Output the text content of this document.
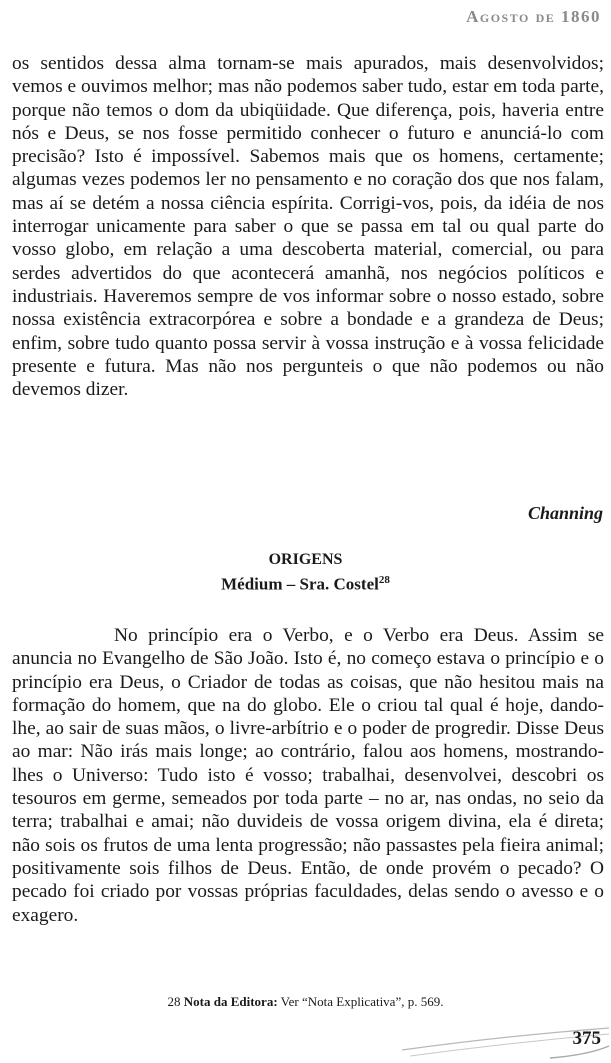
Agosto de 1860

os sentidos dessa alma tornam-se mais apurados, mais desenvolvidos; vemos e ouvimos melhor; mas não podemos saber tudo, estar em toda parte, porque não temos o dom da ubiqüidade. Que diferença, pois, haveria entre nós e Deus, se nos fosse permitido conhecer o futuro e anunciá-lo com precisão? Isto é impossível. Sabemos mais que os homens, certamente; algumas vezes podemos ler no pensamento e no coração dos que nos falam, mas aí se detém a nossa ciência espírita. Corrigi-vos, pois, da idéia de nos interrogar unicamente para saber o que se passa em tal ou qual parte do vosso globo, em relação a uma descoberta material, comercial, ou para serdes advertidos do que acontecerá amanhã, nos negócios políticos e industriais. Haveremos sempre de vos informar sobre o nosso estado, sobre nossa existência extracorpórea e sobre a bondade e a grandeza de Deus; enfim, sobre tudo quanto possa servir à vossa instrução e à vossa felicidade presente e futura. Mas não nos pergunteis o que não podemos ou não devemos dizer.

Channing

ORIGENS
Médium – Sra. Costel$^{28}$

No princípio era o Verbo, e o Verbo era Deus. Assim se anuncia no Evangelho de São João. Isto é, no começo estava o princípio e o princípio era Deus, o Criador de todas as coisas, que não hesitou mais na formação do homem, que na do globo. Ele o criou tal qual é hoje, dando-lhe, ao sair de suas mãos, o livre-arbítrio e o poder de progredir. Disse Deus ao mar: Não irás mais longe; ao contrário, falou aos homens, mostrando-lhes o Universo: Tudo isto é vosso; trabalhai, desenvolvei, descobri os tesouros em germe, semeados por toda parte – no ar, nas ondas, no seio da terra; trabalhai e amai; não duvideis de vossa origem divina, ela é direta; não sois os frutos de uma lenta progressão; não passastes pela fieira animal; positivamente sois filhos de Deus. Então, de onde provém o pecado? O pecado foi criado por vossas próprias faculdades, delas sendo o avesso e o exagero.

28 Nota da Editora: Ver “Nota Explicativa”, p. 569.

375
